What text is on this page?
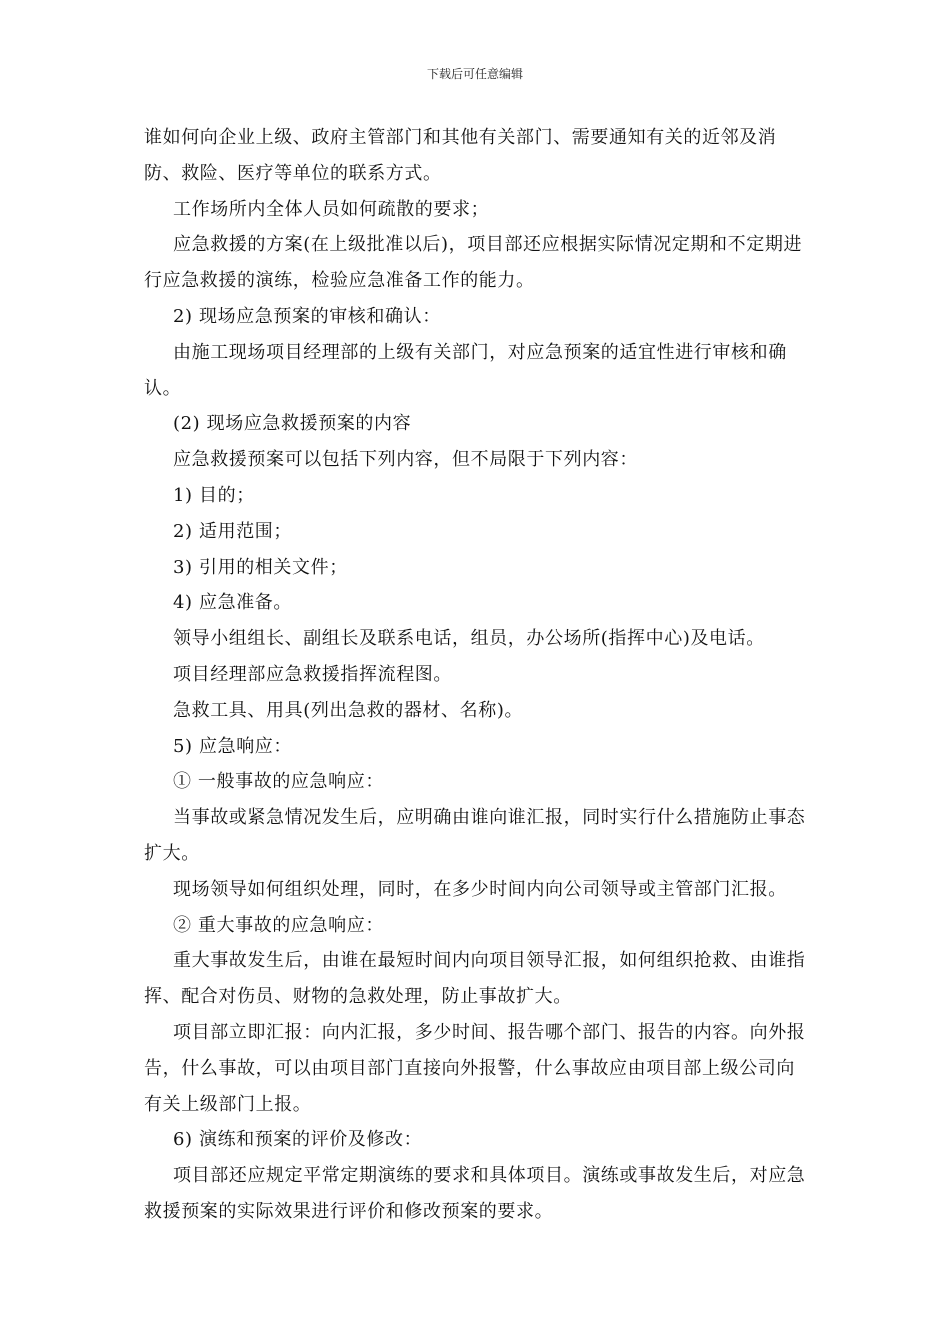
下载后可任意编辑

谁如何向企业上级、政府主管部门和其他有关部门、需要通知有关的近邻及消防、救险、医疗等单位的联系方式。

工作场所内全体人员如何疏散的要求；

应急救援的方案(在上级批准以后)，项目部还应根据实际情况定期和不定期进行应急救援的演练，检验应急准备工作的能力。

2) 现场应急预案的审核和确认：

由施工现场项目经理部的上级有关部门，对应急预案的适宜性进行审核和确认。

(2) 现场应急救援预案的内容

应急救援预案可以包括下列内容，但不局限于下列内容：

1) 目的；

2) 适用范围；

3) 引用的相关文件；

4) 应急准备。

领导小组组长、副组长及联系电话，组员，办公场所(指挥中心)及电话。

项目经理部应急救援指挥流程图。

急救工具、用具(列出急救的器材、名称)。

5) 应急响应：

① 一般事故的应急响应：

当事故或紧急情况发生后，应明确由谁向谁汇报，同时实行什么措施防止事态扩大。

现场领导如何组织处理，同时，在多少时间内向公司领导或主管部门汇报。

② 重大事故的应急响应：

重大事故发生后，由谁在最短时间内向项目领导汇报，如何组织抢救、由谁指挥、配合对伤员、财物的急救处理，防止事故扩大。

项目部立即汇报：向内汇报，多少时间、报告哪个部门、报告的内容。向外报告，什么事故，可以由项目部门直接向外报警，什么事故应由项目部上级公司向有关上级部门上报。

6) 演练和预案的评价及修改：

项目部还应规定平常定期演练的要求和具体项目。演练或事故发生后，对应急救援预案的实际效果进行评价和修改预案的要求。
